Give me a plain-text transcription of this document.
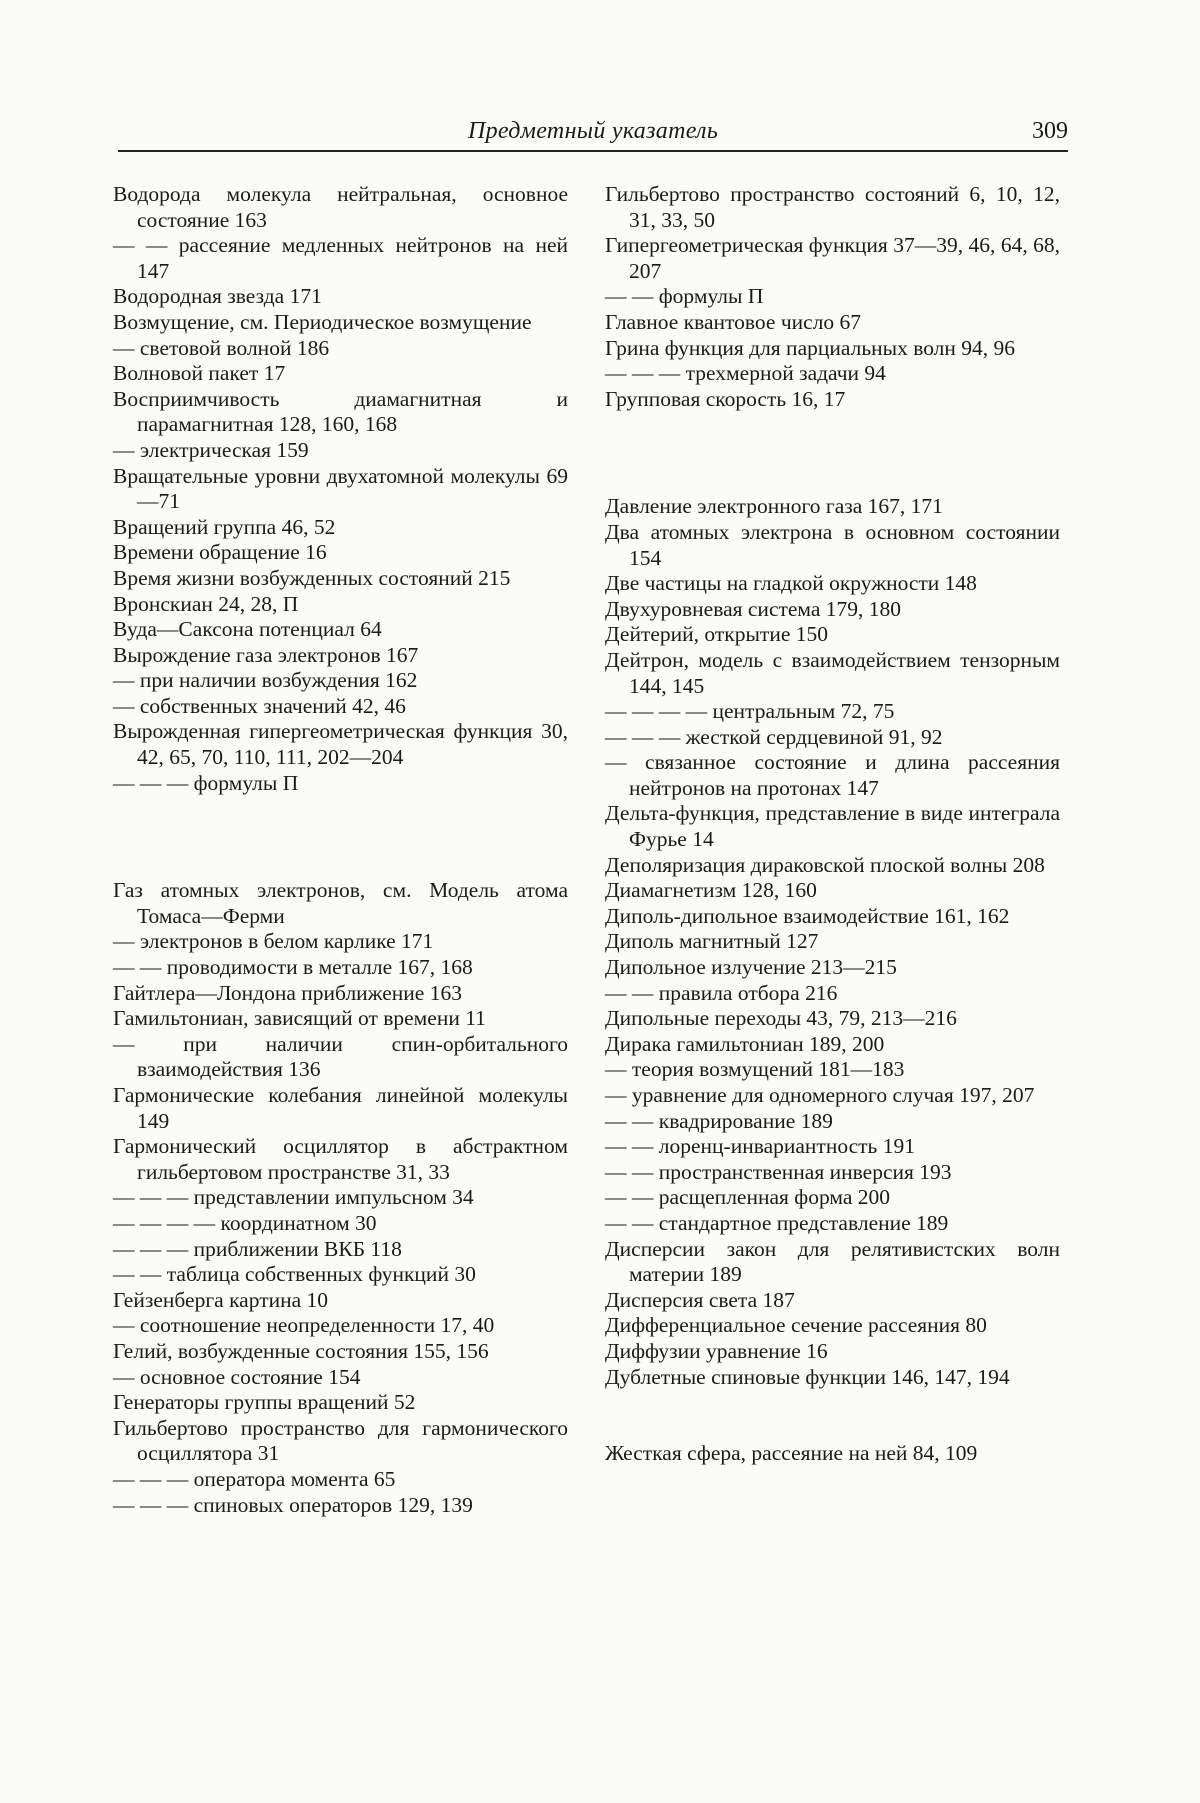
Предметный указатель	309
Водорода молекула нейтральная, основное состояние 163
— — рассеяние медленных нейтронов на ней 147
Водородная звезда 171
Возмущение, см. Периодическое возмущение
— световой волной 186
Волновой пакет 17
Восприимчивость диамагнитная и парамагнитная 128, 160, 168
— электрическая 159
Вращательные уровни двухатомной молекулы 69—71
Вращений группа 46, 52
Времени обращение 16
Время жизни возбужденных состояний 215
Вронскиан 24, 28, П
Вуда—Саксона потенциал 64
Вырождение газа электронов 167
— при наличии возбуждения 162
— собственных значений 42, 46
Вырожденная гипергеометрическая функция 30, 42, 65, 70, 110, 111, 202—204
— — — формулы П
Газ атомных электронов, см. Модель атома Томаса—Ферми
— электронов в белом карлике 171
— — проводимости в металле 167, 168
Гайтлера—Лондона приближение 163
Гамильтониан, зависящий от времени 11
— при наличии спин-орбитального взаимодействия 136
Гармонические колебания линейной молекулы 149
Гармонический осциллятор в абстрактном гильбертовом пространстве 31, 33
— — — представлении импульсном 34
— — — — координатном 30
— — — приближении ВКБ 118
— — таблица собственных функций 30
Гейзенберга картина 10
— соотношение неопределенности 17, 40
Гелий, возбужденные состояния 155, 156
— основное состояние 154
Генераторы группы вращений 52
Гильбертово пространство для гармонического осциллятора 31
— — — оператора момента 65
— — — спиновых операторов 129, 139
Гильбертово пространство состояний 6, 10, 12, 31, 33, 50
Гипергеометрическая функция 37—39, 46, 64, 68, 207
— — формулы П
Главное квантовое число 67
Грина функция для парциальных волн 94, 96
— — — трехмерной задачи 94
Групповая скорость 16, 17
Давление электронного газа 167, 171
Два атомных электрона в основном состоянии 154
Две частицы на гладкой окружности 148
Двухуровневая система 179, 180
Дейтерий, открытие 150
Дейтрон, модель с взаимодействием тензорным 144, 145
— — — — центральным 72, 75
— — — жесткой сердцевиной 91, 92
— связанное состояние и длина рассеяния нейтронов на протонах 147
Дельта-функция, представление в виде интеграла Фурье 14
Деполяризация дираковской плоской волны 208
Диамагнетизм 128, 160
Диполь-дипольное взаимодействие 161, 162
Диполь магнитный 127
Дипольное излучение 213—215
— — правила отбора 216
Дипольные переходы 43, 79, 213—216
Дирака гамильтониан 189, 200
— теория возмущений 181—183
— уравнение для одномерного случая 197, 207
— — квадрирование 189
— — лоренц-инвариантность 191
— — пространственная инверсия 193
— — расщепленная форма 200
— — стандартное представление 189
Дисперсии закон для релятивистских волн материи 189
Дисперсия света 187
Дифференциальное сечение рассеяния 80
Диффузии уравнение 16
Дублетные спиновые функции 146, 147, 194
Жесткая сфера, рассеяние на ней 84, 109
